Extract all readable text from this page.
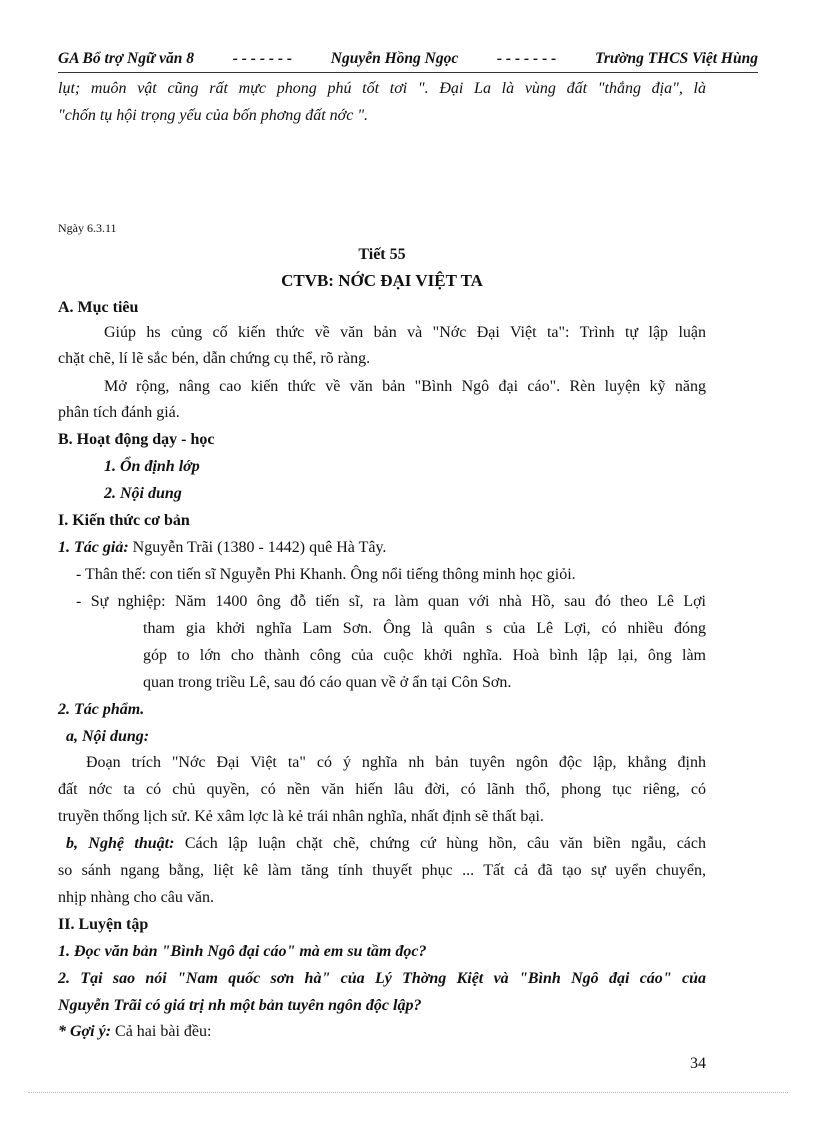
GA Bổ trợ Ngữ văn 8 - - - - - - - Nguyễn Hồng Ngọc - - - - - - - Trường THCS Việt Hùng
lụt; muôn vật cũng rất mực phong phú tốt tơi ". Đại La là vùng đất "thắng địa", là
"chốn tụ hội trọng yếu của bốn phơng đất nớc ".
Ngày 6.3.11
Tiết 55
CTVB: NỚC ĐẠI VIỆT TA
A. Mục tiêu
Giúp hs củng cố kiến thức về văn bản và "Nớc Đại Việt ta": Trình tự lập luận
chặt chẽ, lí lẽ sắc bén, dẫn chứng cụ thể, rõ ràng.
Mở rộng, nâng cao kiến thức về văn bản "Bình Ngô đại cáo". Rèn luyện kỹ năng
phân tích đánh giá.
B. Hoạt động dạy - học
1. Ổn định lớp
2. Nội dung
I. Kiến thức cơ bản
1. Tác giả: Nguyễn Trãi (1380 - 1442) quê Hà Tây.
- Thân thế: con tiến sĩ Nguyễn Phi Khanh. Ông nổi tiếng thông minh học giỏi.
- Sự nghiệp: Năm 1400 ông đỗ tiến sĩ, ra làm quan với nhà Hồ, sau đó theo Lê Lợi
tham gia khởi nghĩa Lam Sơn. Ông là quân s của Lê Lợi, có nhiều đóng
góp to lớn cho thành công của cuộc khởi nghĩa. Hoà bình lập lại, ông làm
quan trong triều Lê, sau đó cáo quan về ở ẩn tại Côn Sơn.
2. Tác phẩm.
a, Nội dung:
Đoạn trích "Nớc Đại Việt ta" có ý nghĩa nh bản tuyên ngôn độc lập, khẳng định
đất nớc ta có chủ quyền, có nền văn hiến lâu đời, có lãnh thổ, phong tục riêng, có
truyền thống lịch sử. Kẻ xâm lợc là kẻ trái nhân nghĩa, nhất định sẽ thất bại.
b, Nghệ thuật: Cách lập luận chặt chẽ, chứng cứ hùng hồn, câu văn biền ngẫu, cách
so sánh ngang bằng, liệt kê làm tăng tính thuyết phục ... Tất cả đã tạo sự uyển chuyển,
nhịp nhàng cho câu văn.
II. Luyện tập
1. Đọc văn bản "Bình Ngô đại cáo" mà em su tầm đọc?
2. Tại sao nói "Nam quốc sơn hà" của Lý Thờng Kiệt và "Bình Ngô đại cáo" của
Nguyễn Trãi có giá trị nh một bản tuyên ngôn độc lập?
* Gợi ý: Cả hai bài đều:
34
